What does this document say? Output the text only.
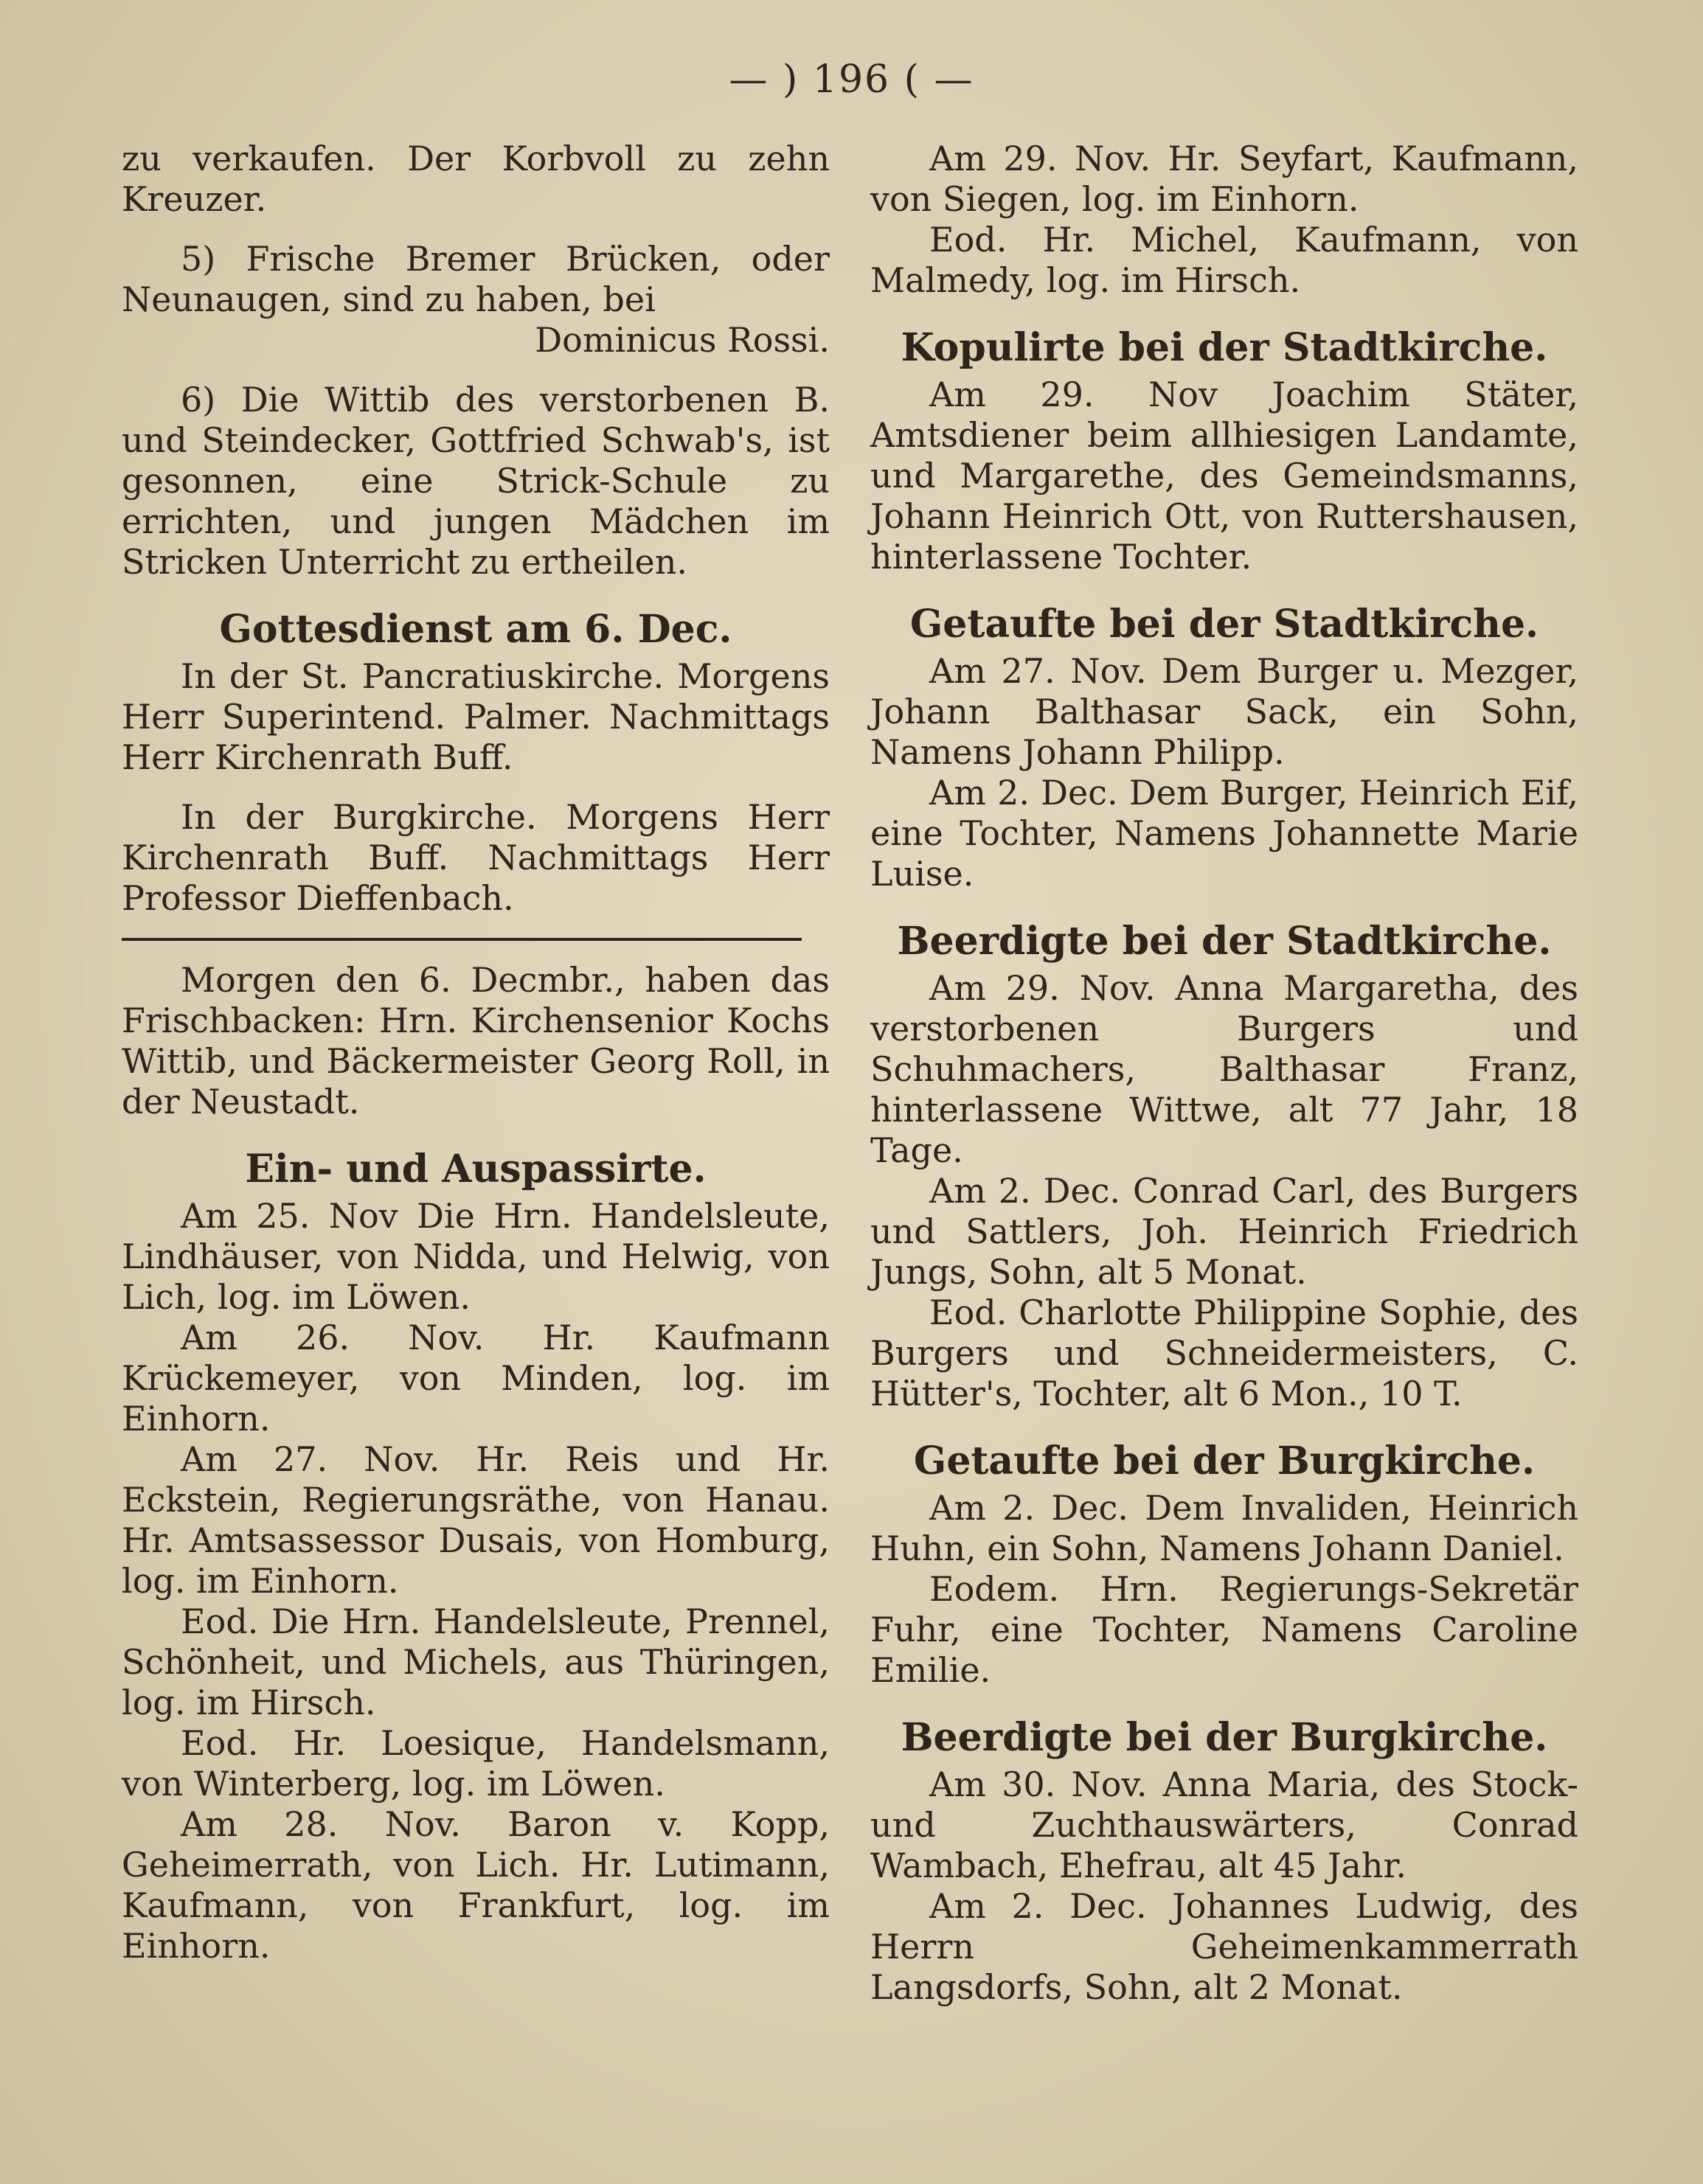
— ) 196 ( —

zu verkaufen. Der Korbvoll zu zehn Kreuzer.

5) Frische Bremer Brücken, oder Neunaugen, sind zu haben, bei

Dominicus Rossi.

6) Die Wittib des verstorbenen B. und Steindecker, Gottfried Schwab's, ist gesonnen, eine Strick-Schule zu errichten, und jungen Mädchen im Stricken Unterricht zu ertheilen.

Gottesdienst am 6. Dec.

In der St. Pancratiuskirche. Morgens Herr Superintend. Palmer. Nachmittags Herr Kirchenrath Buff.

In der Burgkirche. Morgens Herr Kirchenrath Buff. Nachmittags Herr Professor Dieffenbach.

Morgen den 6. Decmbr., haben das Frischbacken: Hrn. Kirchensenior Kochs Wittib, und Bäckermeister Georg Roll, in der Neustadt.

Ein- und Auspassirte.

Am 25. Nov Die Hrn. Handelsleute, Lindhäuser, von Nidda, und Helwig, von Lich, log. im Löwen.

Am 26. Nov. Hr. Kaufmann Krückemeyer, von Minden, log. im Einhorn.

Am 27. Nov. Hr. Reis und Hr. Eckstein, Regierungsräthe, von Hanau. Hr. Amtsassessor Dusais, von Homburg, log. im Einhorn.

Eod. Die Hrn. Handelsleute, Prennel, Schönheit, und Michels, aus Thüringen, log. im Hirsch.

Eod. Hr. Loesique, Handelsmann, von Winterberg, log. im Löwen.

Am 28. Nov. Baron v. Kopp, Geheimerrath, von Lich. Hr. Lutimann, Kaufmann, von Frankfurt, log. im Einhorn.

Am 29. Nov. Hr. Seyfart, Kaufmann, von Siegen, log. im Einhorn.

Eod. Hr. Michel, Kaufmann, von Malmedy, log. im Hirsch.

Kopulirte bei der Stadtkirche.

Am 29. Nov Joachim Stäter, Amtsdiener beim allhiesigen Landamte, und Margarethe, des Gemeindsmanns, Johann Heinrich Ott, von Ruttershausen, hinterlassene Tochter.

Getaufte bei der Stadtkirche.

Am 27. Nov. Dem Burger u. Mezger, Johann Balthasar Sack, ein Sohn, Namens Johann Philipp.

Am 2. Dec. Dem Burger, Heinrich Eif, eine Tochter, Namens Johannette Marie Luise.

Beerdigte bei der Stadtkirche.

Am 29. Nov. Anna Margaretha, des verstorbenen Burgers und Schuhmachers, Balthasar Franz, hinterlassene Wittwe, alt 77 Jahr, 18 Tage.

Am 2. Dec. Conrad Carl, des Burgers und Sattlers, Joh. Heinrich Friedrich Jungs, Sohn, alt 5 Monat.

Eod. Charlotte Philippine Sophie, des Burgers und Schneidermeisters, C. Hütter's, Tochter, alt 6 Mon., 10 T.

Getaufte bei der Burgkirche.

Am 2. Dec. Dem Invaliden, Heinrich Huhn, ein Sohn, Namens Johann Daniel.

Eodem. Hrn. Regierungs-Sekretär Fuhr, eine Tochter, Namens Caroline Emilie.

Beerdigte bei der Burgkirche.

Am 30. Nov. Anna Maria, des Stock- und Zuchthauswärters, Conrad Wambach, Ehefrau, alt 45 Jahr.

Am 2. Dec. Johannes Ludwig, des Herrn Geheimenkammerrath Langsdorfs, Sohn, alt 2 Monat.
